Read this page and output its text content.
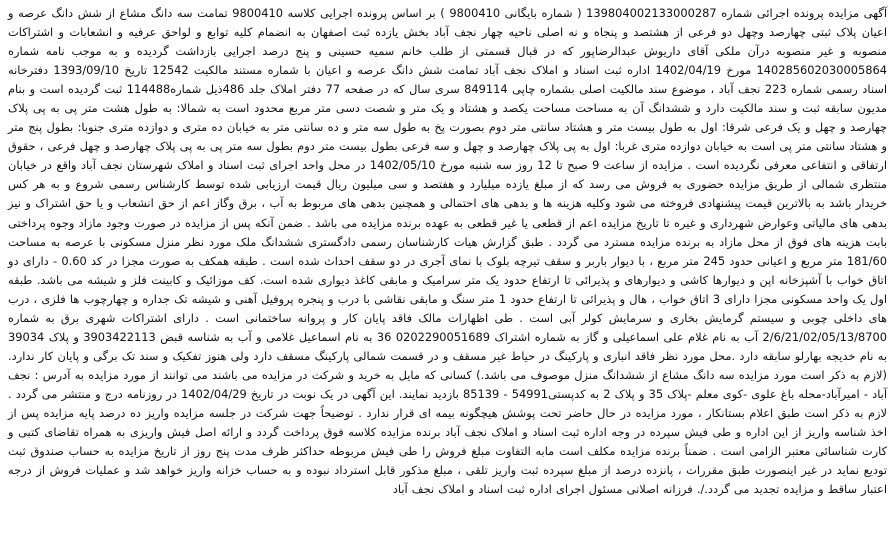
آگهی مزایده پرونده اجرائی شماره 139804002133000287 ( شماره بایگانی 9800410 ) بر اساس پرونده اجرایی کلاسه 9800410 تمامت سه دانگ مشاع از شش دانگ عرصه و اعیان پلاک ثبتی چهارصد وچهل دو فرعی از هشتصد و پنجاه و نه اصلی ناحیه چهار نجف آباد بخش یازده ثبت اصفهان به انضمام کلیه توابع و لواحق عرفیه و انشعابات و اشتراکات منصوبه و غیر منصوبه درآن ملکی آقای داریوش عبدالرضاپور که در قبال قسمتی از طلب خانم سمیه حسینی و پنج درصد اجرایی بازداشت گردیده و به موجب نامه شماره 14028560203000586‌4 مورخ 1402/04/19 اداره ثبت اسناد و املاک نجف آباد تمامت شش دانگ عرصه و اعیان با شماره مستند مالکیت 12542 تاریخ 1393/09/10 دفترخانه اسناد رسمی شماره 223 نجف آباد ، موضوع سند مالکیت اصلی بشماره چاپی 849114 سری سال که در صفحه 77 دفتر املاک جلد 486ذیل شماره114488 ثبت گردیده است و بنام مدیون سابقه ثبت و سند مالکیت دارد و ششدانگ آن به مساحت مساحت یکصد و هشتاد و یک متر و شصت دسی متر مربع محدود است به شمالا: به طول هشت متر پی به پی پلاک چهارصد و چهل و یک فرعی شرقا: اول به طول بیست متر و هشتاد سانتی متر دوم بصورت پخ به طول سه متر و ده سانتی متر به خیابان ده متری و دوازده متری جنوبا: بطول پنج متر و هشتاد سانتی متر پی است به خیابان دوازده متری غربا: اول به پی پلاک چهارصد و چهل و سه فرعی بطول بیست متر دوم بطول سه متر پی به پی پلاک چهارصد و چهل فرعی ، حقوق ارتفاقی و انتفاعی معرفی نگردیده است . مزایده از ساعت 9 صبح تا 12 روز سه شنبه مورخ 1402/05/10 در محل واحد اجرای ثبت اسناد و املاک شهرستان نجف آباد واقع در خیابان منتظری شمالی از طریق مزایده حضوری به فروش می رسد که از مبلغ یازده میلیارد و هفتصد و سی میلیون ریال قیمت ارزیابی شده توسط کارشناس رسمی شروع و به هر کس خریدار باشد به بالاترین قیمت پیشنهادی فروخته می شود وکلیه هزینه ها و بدهی های احتمالی و همچنین بدهی های مربوط به آب ، برق وگاز اعم از حق انشعاب و یا حق اشتراک و نیز بدهی های مالیاتی وعوارض شهرداری و غیره تا تاریخ مزایده اعم از قطعی یا غیر قطعی به عهده برنده مزایده می باشد . ضمن آنکه پس از مزایده در صورت وجود مازاد وجوه پرداختی بابت هزینه های فوق از محل مازاد به برنده مزایده مسترد می گردد . طبق گزارش هیات کارشناسان رسمی دادگستری ششدانگ ملک مورد نظر منزل مسکونی با عرصه به مساحت 181/60 متر مربع و اعیانی حدود 245 متر مربع ، با دیوار باربر و سقف تیرچه بلوک با نمای آجری در دو سقف احداث شده است . طبقه همکف به صورت مجزا در کد 0.60 - دارای دو اتاق خواب با آشپزخانه اپن و دیوارها کاشی و دیوارهای و پذیرائی تا ارتفاع حدود یک متر سرامیک و مابقی کاغذ دیواری شده است. کف موزائیک و کابینت فلز و شیشه می باشد. طبقه اول یک واحد مسکونی مجزا دارای 3 اتاق خواب ، هال و پذیرائی تا ارتفاع حدود 1 متر سنگ و مابقی نقاشی با درب و پنجره پروفیل آهنی و شیشه تک جداره و چهارچوب ها فلزی ، درب های داخلی چوبی و سیستم گرمایش بخاری و سرمایش کولر آبی است . طی اظهارات مالک فاقد پایان کار و پروانه ساختمانی است . دارای اشتراکات شهری برق به شماره 2/6/21/02/05/13/8700 آب به نام غلام علی اسماعیلی و گاز به شماره اشتراک 0202290051689 36 به نام اسماعیل غلامی و آب به شناسه قبض 3903422113 و پلاک 39034 به نام خدیجه بهارلو سابقه دارد .محل مورد نظر فاقد انباری و پارکینگ در حیاط غیر مسقف و در قسمت شمالی پارکینگ مسقف دارد ولی هنوز تفکیک و سند تک برگی و پایان کار ندارد.(لازم به ذکر است مورد مزایده سه دانگ مشاع از ششدانگ منزل موصوف می باشد.) کسانی که مایل به خرید و شرکت در مزایده می باشند می توانند از مورد مزایده به آدرس : نجف آباد - امیرآباد-محله باغ علوی -کوی معلم -پلاک 35 و پلاک 2 به کدپستی54991 - 85139 بازدید نمایند. این آگهی در یک نوبت در تاریخ 1402/04/29 در روزنامه درج و منتشر می گردد . لازم به ذکر است طبق اعلام بستانکار ، مورد مزایده در حال حاضر تحت پوشش هیچگونه بیمه ای قرار ندارد . توضیحاً جهت شرکت در جلسه مزایده واریز ده درصد پایه مزایده پس از اخذ شناسه واریز از این اداره و طی فیش سپرده در وجه اداره ثبت اسناد و املاک نجف آباد برنده مزایده کلاسه فوق پرداخت گردد و ارائه اصل فیش واریزی به همراه تقاضای کتبی و کارت شناسائی معتبر الزامی است . ضمناً برنده مزایده مکلف است مابه التفاوت مبلغ فروش را طی فیش مربوطه حداکثر ظرف مدت پنج روز از تاریخ مزایده به حساب صندوق ثبت تودیع نماید در غیر اینصورت طبق مقررات ، پانزده درصد از مبلغ سپرده ثبت واریز تلقی ، مبلغ مذکور قابل استرداد نبوده و به حساب خزانه واریز خواهد شد و عملیات فروش از درجه اعتبار ساقط و مزایده تجدید می گردد./. فرزانه اصلانی مسئول اجرای اداره ثبت اسناد و املاک نجف آباد
